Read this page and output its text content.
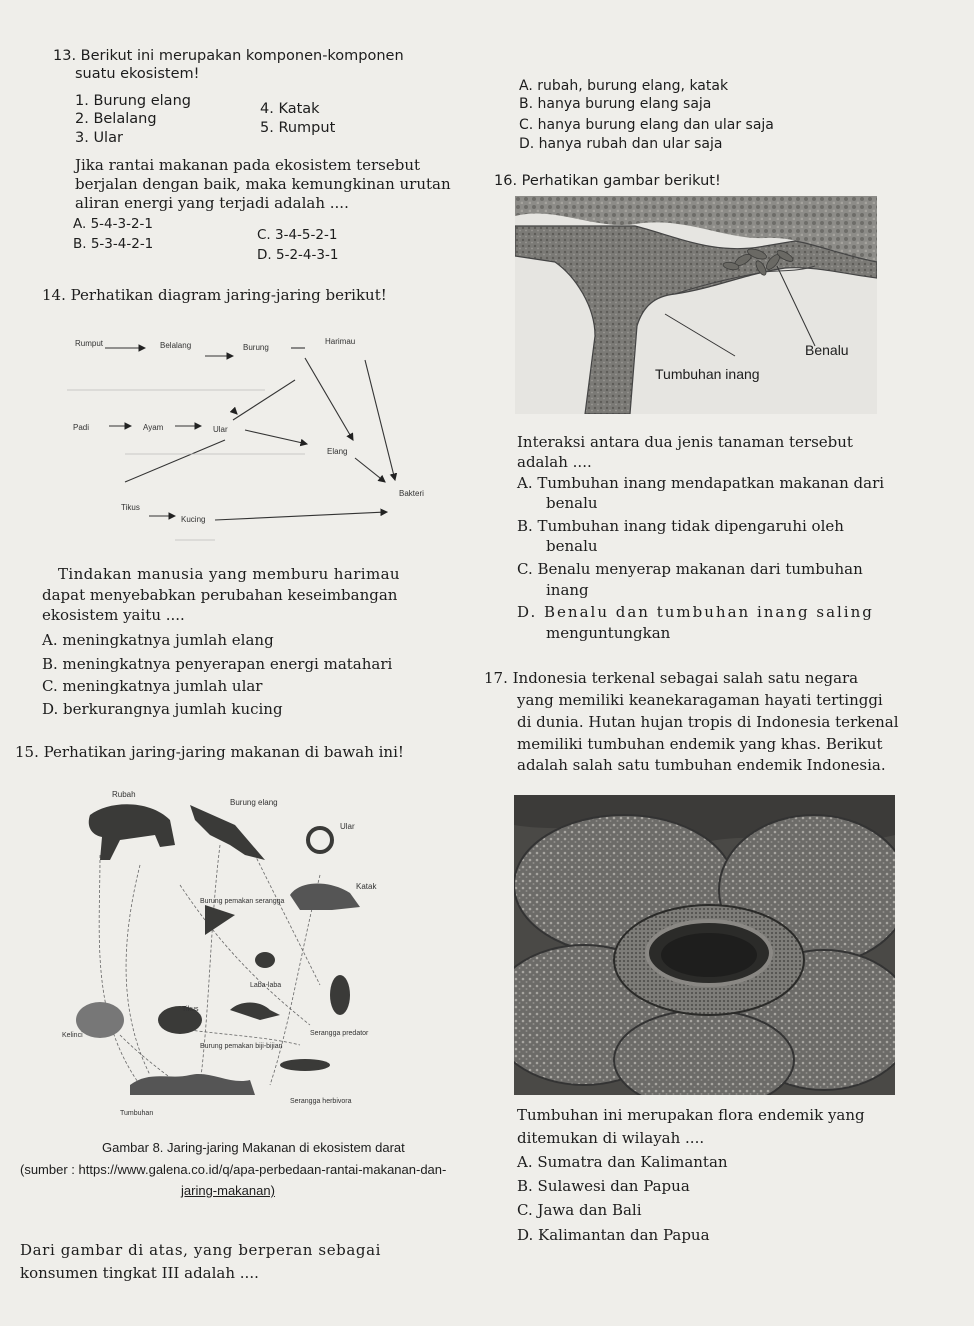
13. Berikut ini merupakan komponen-komponen
suatu ekosistem!
1. Burung elang
2. Belalang
3. Ular
4. Katak
5. Rumput
Jika rantai makanan pada ekosistem tersebut
berjalan dengan baik, maka kemungkinan urutan
aliran energi yang terjadi adalah ....
A. 5-4-3-2-1
B. 5-3-4-2-1
C. 3-4-5-2-1
D. 5-2-4-3-1
A. rubah, burung elang, katak
B. hanya burung elang saja
C. hanya burung elang dan ular saja
D. hanya rubah dan ular saja
16. Perhatikan gambar berikut!
Benalu
Tumbuhan inang
Interaksi antara dua jenis tanaman tersebut
adalah ....
A. Tumbuhan inang mendapatkan makanan dari
benalu
B. Tumbuhan inang tidak dipengaruhi oleh
benalu
C. Benalu menyerap makanan dari tumbuhan
inang
D. Benalu dan tumbuhan inang saling
menguntungkan
14. Perhatikan diagram jaring-jaring berikut!
Rumput	Belalang	Burung
Harimau
Padi	Ayam	Ular
Elang
Bakteri
Tikus
Kucing
Tindakan manusia yang memburu harimau
dapat menyebabkan perubahan keseimbangan
ekosistem yaitu ....
A. meningkatnya jumlah elang
B. meningkatnya penyerapan energi matahari
C. meningkatnya jumlah ular
D. berkurangnya jumlah kucing
17. Indonesia terkenal sebagai salah satu negara
yang memiliki keanekaragaman hayati tertinggi
di dunia. Hutan hujan tropis di Indonesia terkenal
memiliki tumbuhan endemik yang khas. Berikut
adalah salah satu tumbuhan endemik Indonesia.
Tumbuhan ini merupakan flora endemik yang
ditemukan di wilayah ....
A. Sumatra dan Kalimantan
B. Sulawesi dan Papua
C. Jawa dan Bali
D. Kalimantan dan Papua
15. Perhatikan jaring-jaring makanan di bawah ini!
Rubah
Burung elang
Ular
Katak
Burung pemakan serangga
Laba-laba
Tikus
Kelinci	Serangga predator
Burung pemakan biji-bijian
Tumbuhan
Serangga herbivora
Gambar 8. Jaring-jaring Makanan di ekosistem darat
(sumber : https://www.galena.co.id/q/apa-perbedaan-rantai-makanan-dan-
jaring-makanan)
Dari gambar di atas, yang berperan sebagai
konsumen tingkat III adalah ....
